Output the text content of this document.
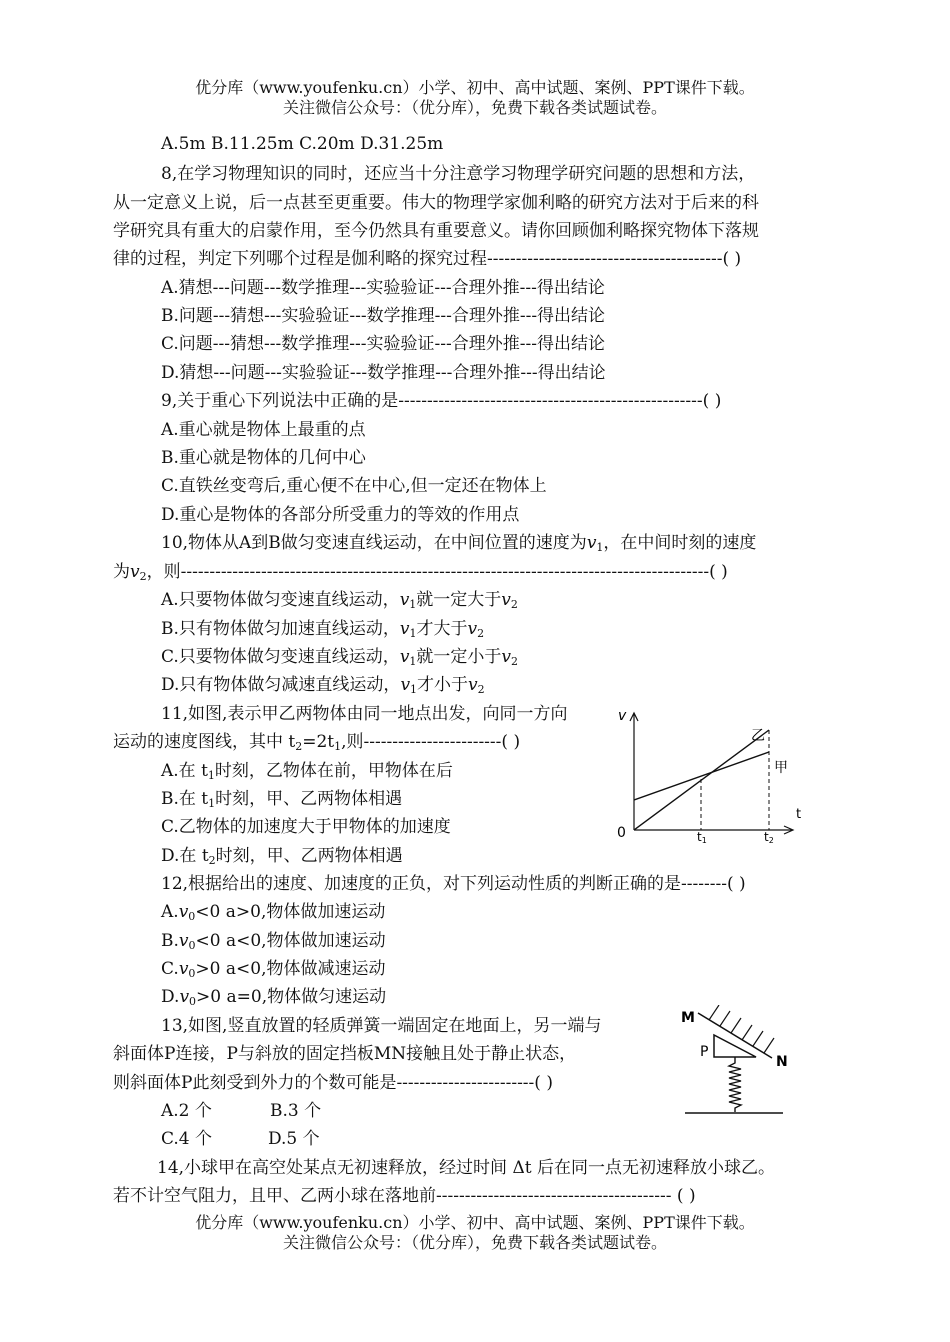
优分库（www.youfenku.cn）小学、初中、高中试题、案例、PPT课件下载。
关注微信公众号：（优分库），免费下载各类试题试卷。
A.5m B.11.25m C.20m D.31.25m
8,在学习物理知识的同时，还应当十分注意学习物理学研究问题的思想和方法，
从一定意义上说，后一点甚至更重要。伟大的物理学家伽利略的研究方法对于后来的科
学研究具有重大的启蒙作用，至今仍然具有重要意义。请你回顾伽利略探究物体下落规
律的过程，判定下列哪个过程是伽利略的探究过程-----------------------------------------( )
A.猜想---问题---数学推理---实验验证---合理外推---得出结论
B.问题---猜想---实验验证---数学推理---合理外推---得出结论
C.问题---猜想---数学推理---实验验证---合理外推---得出结论
D.猜想---问题---实验验证---数学推理---合理外推---得出结论
9,关于重心下列说法中正确的是-----------------------------------------------------( )
A.重心就是物体上最重的点
B.重心就是物体的几何中心
C.直铁丝变弯后,重心便不在中心,但一定还在物体上
D.重心是物体的各部分所受重力的等效的作用点
10,物体从A到B做匀变速直线运动，在中间位置的速度为$v_1$，在中间时刻的速度
为$v_2$，则--------------------------------------------------------------------------------------------( )
A.只要物体做匀变速直线运动，$v_1$就一定大于$v_2$
B.只有物体做匀加速直线运动，$v_1$才大于$v_2$
C.只要物体做匀变速直线运动，$v_1$就一定小于$v_2$
D.只有物体做匀减速直线运动，$v_1$才小于$v_2$
11,如图,表示甲乙两物体由同一地点出发，向同一方向
运动的速度图线，其中 $t_2=2t_1$,则------------------------( )
A.在 $t_1$时刻，乙物体在前，甲物体在后
B.在 $t_1$时刻，甲、乙两物体相遇
C.乙物体的加速度大于甲物体的加速度
D.在 $t_2$时刻，甲、乙两物体相遇
v
t
0
乙
甲
t1	t2
12,根据给出的速度、加速度的正负，对下列运动性质的判断正确的是--------( )
$A.v_0<0$ a>0,物体做加速运动
$B.v_0<0$ a<0,物体做加速运动
$C.v_0>0$ a<0,物体做减速运动
$D.v_0>0$ a=0,物体做匀速运动
13,如图,竖直放置的轻质弹簧一端固定在地面上，另一端与
斜面体P连接，P与斜放的固定挡板MN接触且处于静止状态，
则斜面体P此刻受到外力的个数可能是------------------------( )
A.2 个	B.3 个
C.4 个	D.5 个
M
N
P
14,小球甲在高空处某点无初速释放，经过时间 Δt 后在同一点无初速释放小球乙。
若不计空气阻力，且甲、乙两小球在落地前----------------------------------------- ( )
优分库（www.youfenku.cn）小学、初中、高中试题、案例、PPT课件下载。
关注微信公众号：（优分库），免费下载各类试题试卷。
